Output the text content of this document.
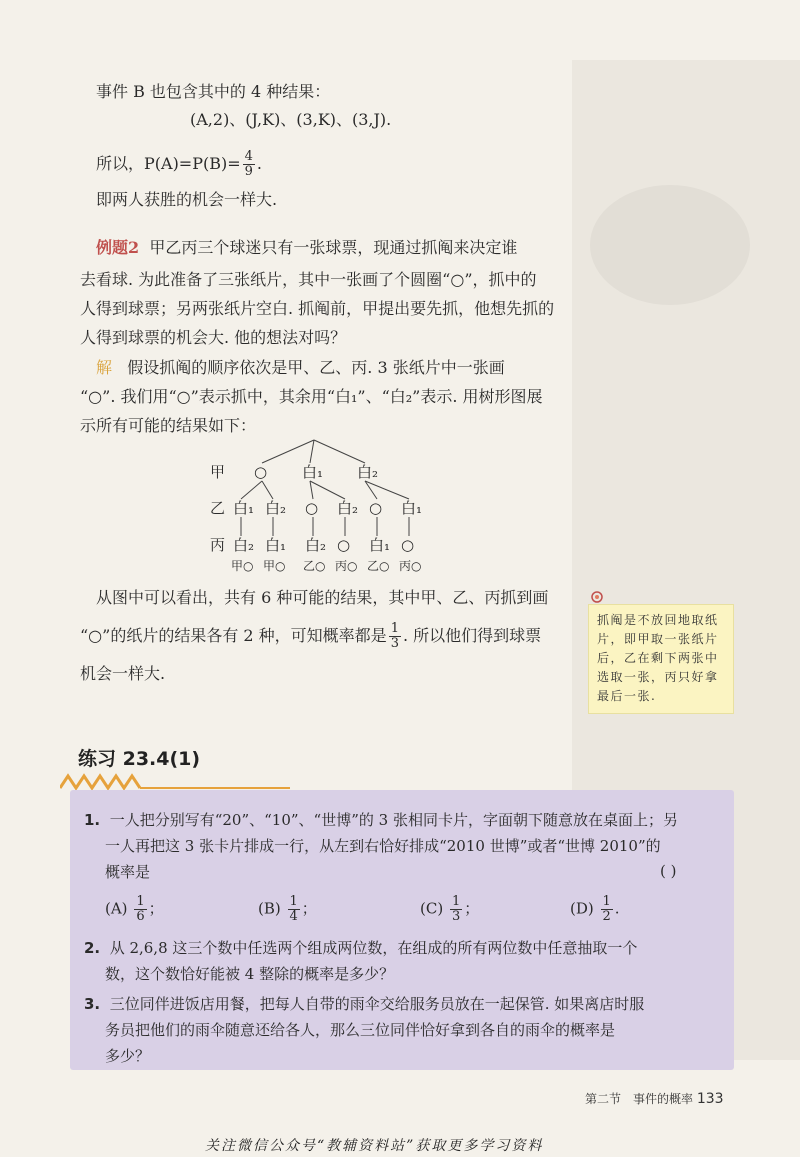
事件 B 也包含其中的 4 种结果：
(A,2)、(J,K)、(3,K)、(3,J).
所以，$P(A)=P(B)= \frac{4}{9}$ .
即两人获胜的机会一样大.
例题2 甲乙丙三个球迷只有一张球票，现通过抓阄来决定谁
去看球. 为此准备了三张纸片，其中一张画了个圆圈“○”，抓中的
人得到球票；另两张纸片空白. 抓阄前，甲提出要先抓，他想先抓的
人得到球票的机会大. 他的想法对吗？
解 假设抓阄的顺序依次是甲、乙、丙. 3 张纸片中一张画
“○”. 我们用“○”表示抓中，其余用“白₁”、“白₂”表示. 用树形图展
示所有可能的结果如下：
甲
乙
丙
○ 白₁ 白₂
白₁
白₂
甲○
白₂
白₁
甲○
○
白₂
乙○
白₂
○
丙○
○
白₁
乙○
白₁
○
丙○
从图中可以看出，共有 6 种可能的结果，其中甲、乙、丙抓到画
“○”的纸片的结果各有 2 种，可知概率都是 $\frac{1}{3}$ . 所以他们得到球票
机会一样大.
抓阄是不放回地取纸片，即甲取一张纸片后，乙在剩下两张中选取一张，丙只好拿最后一张.
练习 23.4(1)
1. 一人把分别写有“20”、“10”、“世博”的 3 张相同卡片，字面朝下随意放在桌面上；另
一人再把这 3 张卡片排成一行，从左到右恰好排成“2010 世博”或者“世博 2010”的
概率是	( )
$(A) \frac{1}{6}$ ；	$(B) \frac{1}{4}$ ；	$(C) \frac{1}{3}$ ；	$(D) \frac{1}{2}$ .
2. 从 2,6,8 这三个数中任选两个组成两位数，在组成的所有两位数中任意抽取一个
数，这个数恰好能被 4 整除的概率是多少？
3. 三位同伴进饭店用餐，把每人自带的雨伞交给服务员放在一起保管. 如果离店时服
务员把他们的雨伞随意还给各人，那么三位同伴恰好拿到各自的雨伞的概率是
多少？
第二节　事件的概率 133
关注微信公众号“教辅资料站”获取更多学习资料
